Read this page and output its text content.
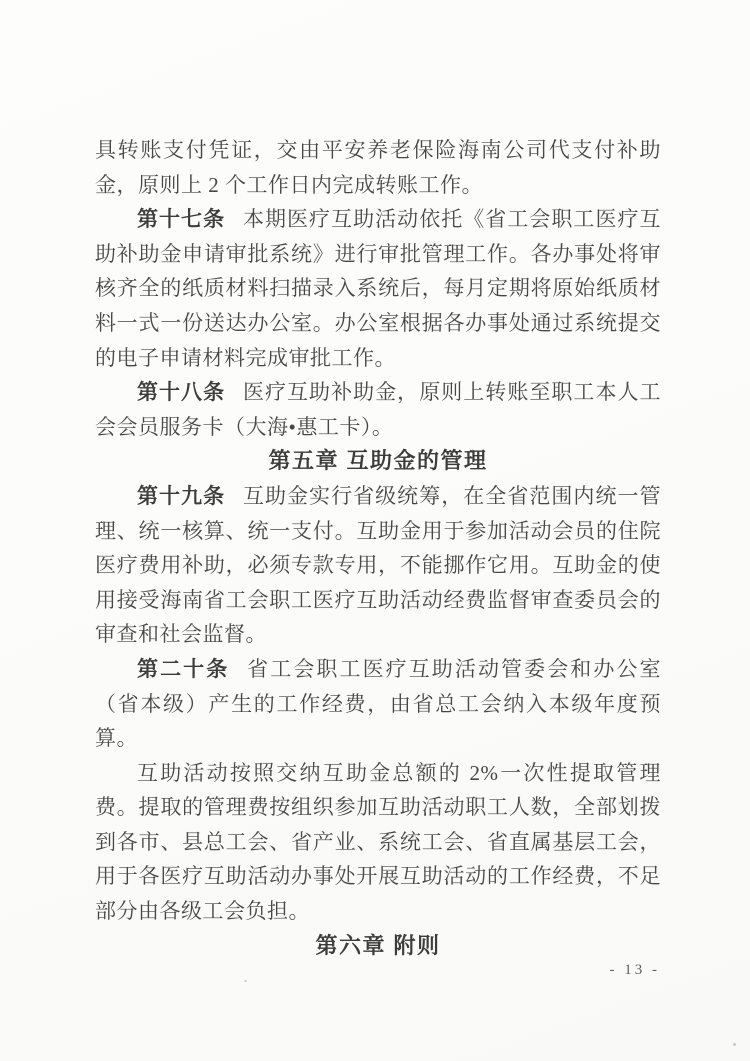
具转账支付凭证，交由平安养老保险海南公司代支付补助金，原则上 2 个工作日内完成转账工作。

第十七条 本期医疗互助活动依托《省工会职工医疗互助补助金申请审批系统》进行审批管理工作。各办事处将审核齐全的纸质材料扫描录入系统后，每月定期将原始纸质材料一式一份送达办公室。办公室根据各办事处通过系统提交的电子申请材料完成审批工作。

第十八条 医疗互助补助金，原则上转账至职工本人工会会员服务卡（大海•惠工卡）。

第五章 互助金的管理

第十九条 互助金实行省级统筹，在全省范围内统一管理、统一核算、统一支付。互助金用于参加活动会员的住院医疗费用补助，必须专款专用，不能挪作它用。互助金的使用接受海南省工会职工医疗互助活动经费监督审查委员会的审查和社会监督。

第二十条 省工会职工医疗互助活动管委会和办公室（省本级）产生的工作经费，由省总工会纳入本级年度预算。

互助活动按照交纳互助金总额的 2%一次性提取管理费。提取的管理费按组织参加互助活动职工人数，全部划拨到各市、县总工会、省产业、系统工会、省直属基层工会，用于各医疗互助活动办事处开展互助活动的工作经费，不足部分由各级工会负担。

第六章 附则
- 13 -
